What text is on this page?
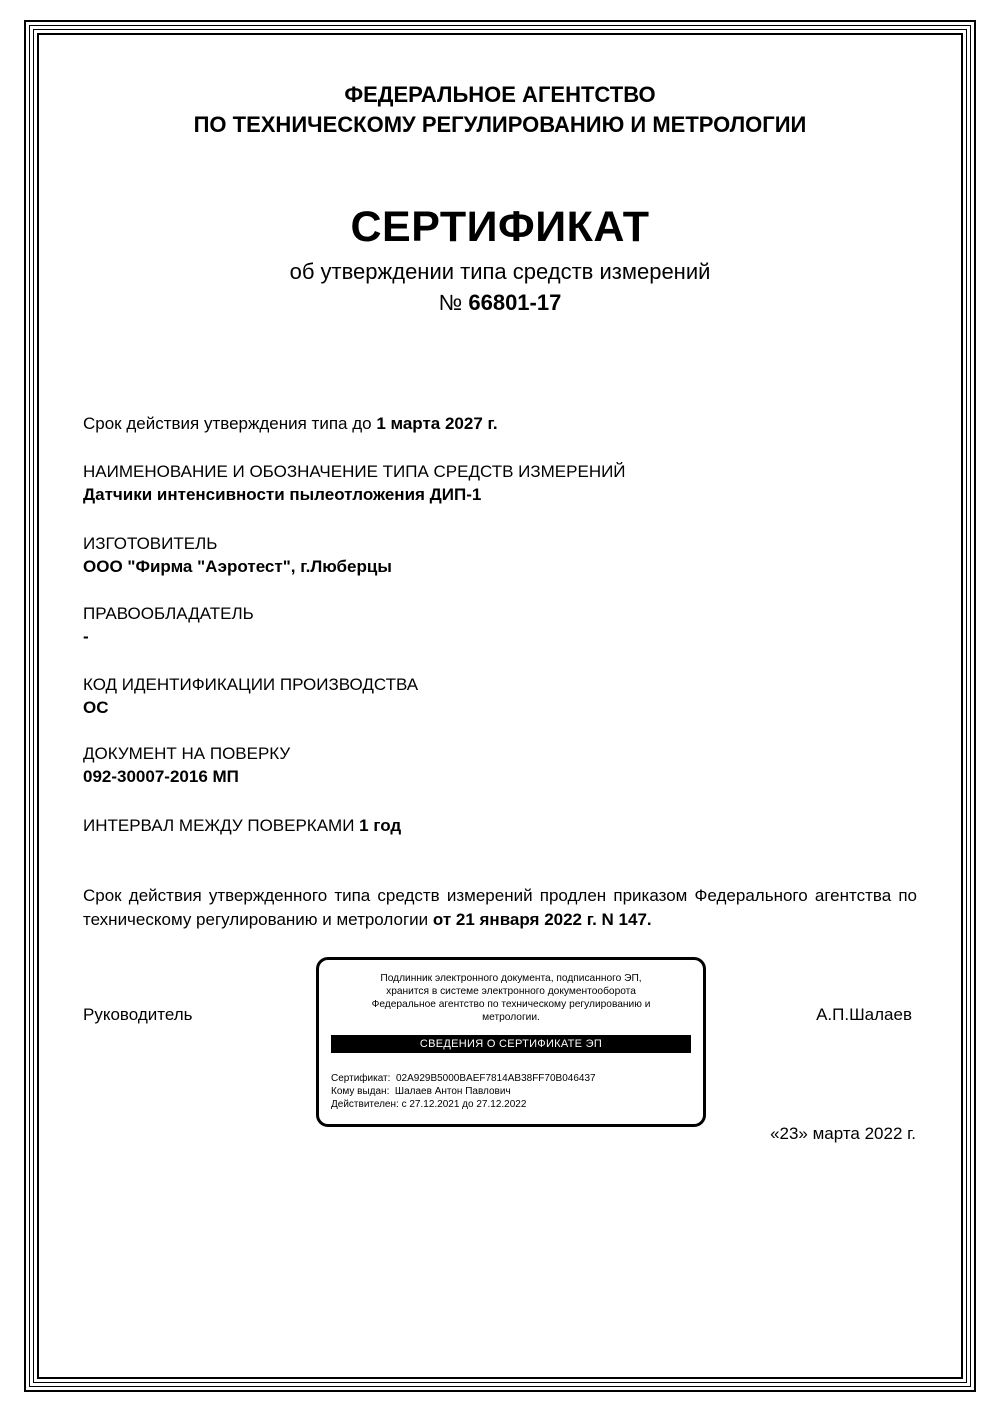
ФЕДЕРАЛЬНОЕ АГЕНТСТВО
ПО ТЕХНИЧЕСКОМУ РЕГУЛИРОВАНИЮ И МЕТРОЛОГИИ
СЕРТИФИКАТ
об утверждении типа средств измерений
№ 66801-17
Срок действия утверждения типа до 1 марта 2027 г.
НАИМЕНОВАНИЕ И ОБОЗНАЧЕНИЕ ТИПА СРЕДСТВ ИЗМЕРЕНИЙ
Датчики интенсивности пылеотложения ДИП-1
ИЗГОТОВИТЕЛЬ
ООО "Фирма "Аэротест", г.Люберцы
ПРАВООБЛАДАТЕЛЬ
-
КОД ИДЕНТИФИКАЦИИ ПРОИЗВОДСТВА
ОС
ДОКУМЕНТ НА ПОВЕРКУ
092-30007-2016 МП
ИНТЕРВАЛ МЕЖДУ ПОВЕРКАМИ 1 год
Срок действия утвержденного типа средств измерений продлен приказом Федерального агентства по техническому регулированию и метрологии от 21 января 2022 г. N 147.
Руководитель	А.П.Шалаев
Подлинник электронного документа, подписанного ЭП,
хранится в системе электронного документооборота
Федеральное агентство по техническому регулированию и
метрологии.
СВЕДЕНИЯ О СЕРТИФИКАТЕ ЭП
Сертификат: 02A929B5000BAEF7814AB38FF70B046437
Кому выдан: Шалаев Антон Павлович
Действителен: с 27.12.2021 до 27.12.2022
«23» марта 2022 г.
